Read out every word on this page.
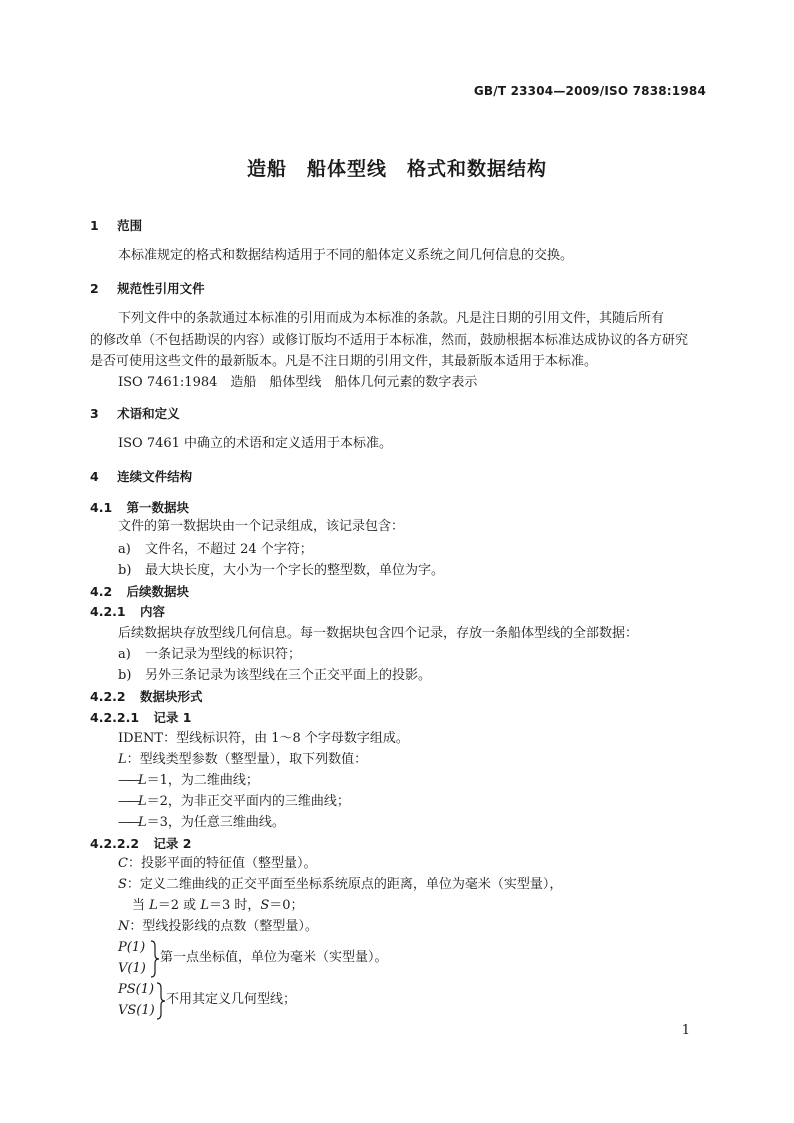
GB/T 23304—2009/ISO 7838:1984
造船　船体型线　格式和数据结构
1 范围
本标准规定的格式和数据结构适用于不同的船体定义系统之间几何信息的交换。
2 规范性引用文件
下列文件中的条款通过本标准的引用而成为本标准的条款。凡是注日期的引用文件，其随后所有
的修改单（不包括勘误的内容）或修订版均不适用于本标准，然而，鼓励根据本标准达成协议的各方研究
是否可使用这些文件的最新版本。凡是不注日期的引用文件，其最新版本适用于本标准。
ISO 7461:1984　造船　船体型线　船体几何元素的数字表示
3 术语和定义
ISO 7461 中确立的术语和定义适用于本标准。
4 连续文件结构
4.1 第一数据块
文件的第一数据块由一个记录组成，该记录包含：
a) 文件名，不超过 24 个字符；
b) 最大块长度，大小为一个字长的整型数，单位为字。
4.2 后续数据块
4.2.1 内容
后续数据块存放型线几何信息。每一数据块包含四个记录，存放一条船体型线的全部数据：
a) 一条记录为型线的标识符；
b) 另外三条记录为该型线在三个正交平面上的投影。
4.2.2 数据块形式
4.2.2.1 记录 1
IDENT：型线标识符，由 1～8 个字母数字组成。
L：型线类型参数（整型量），取下列数值：
——L＝1，为二维曲线；
——L＝2，为非正交平面内的三维曲线；
——L＝3，为任意三维曲线。
4.2.2.2 记录 2
C：投影平面的特征值（整型量）。
S：定义二维曲线的正交平面至坐标系统原点的距离，单位为毫米（实型量），
当 L＝2 或 L＝3 时，S＝0；
N：型线投影线的点数（整型量）。
P(1)
V(1)
第一点坐标值，单位为毫米（实型量）。
PS(1)
VS(1)
不用其定义几何型线；
1
